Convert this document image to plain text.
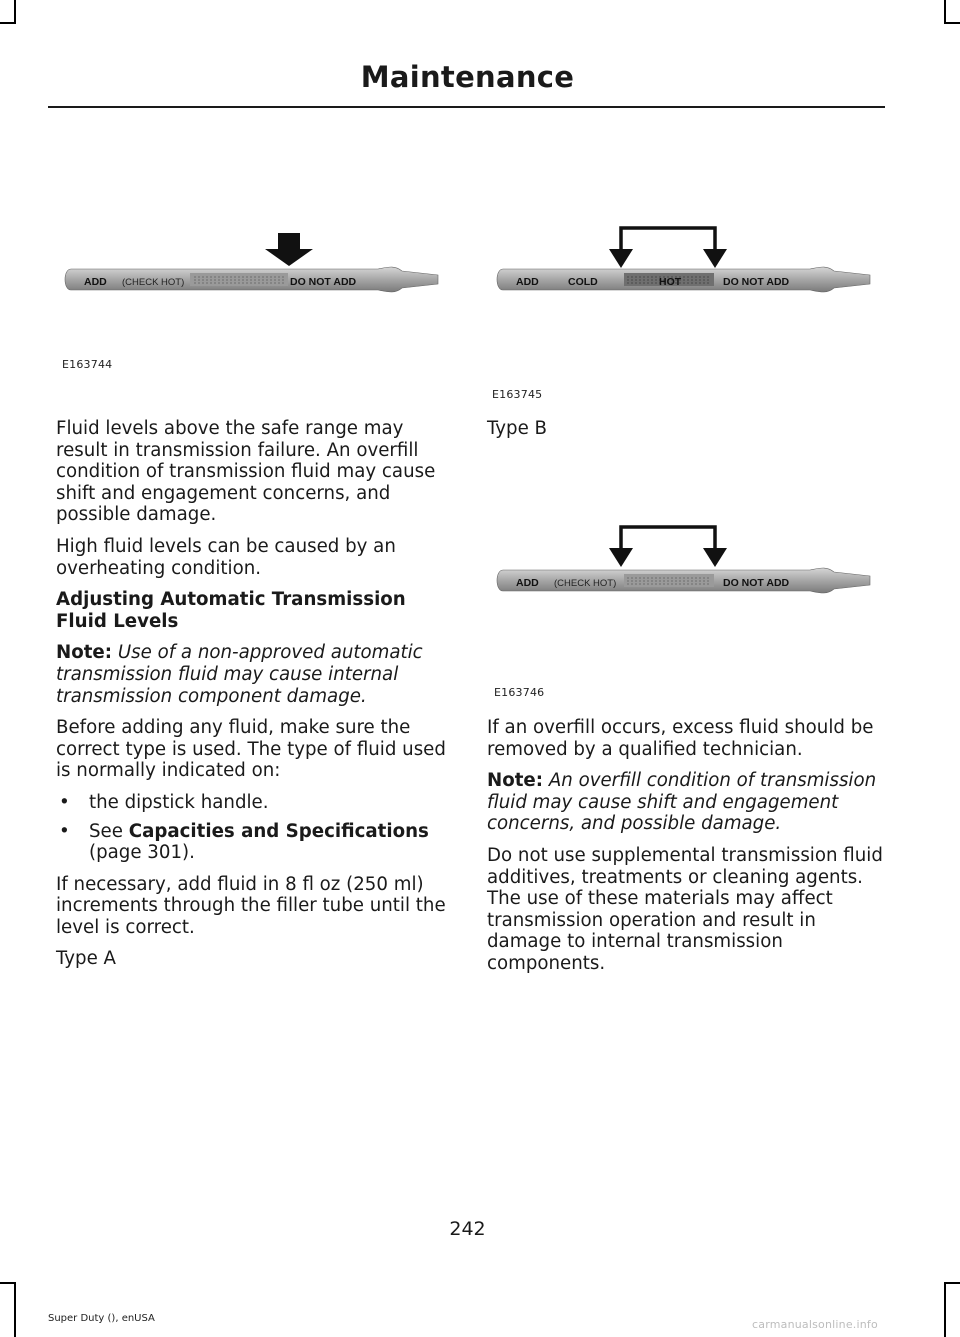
Maintenance
ADD (CHECK HOT)	DO NOT ADD
E163744
ADD	COLD	HOT	DO NOT ADD
E163745
ADD (CHECK HOT)	DO NOT ADD
E163746

Fluid levels above the safe range may result in transmission failure. An overfill condition of transmission fluid may cause shift and engagement concerns, and possible damage.

High fluid levels can be caused by an overheating condition.

Adjusting Automatic Transmission Fluid Levels

Note: Use of a non-approved automatic transmission fluid may cause internal transmission component damage.

Before adding any fluid, make sure the correct type is used. The type of fluid used is normally indicated on:

• the dipstick handle.
• See Capacities and Specifications (page 301).

If necessary, add fluid in 8 fl oz (250 ml) increments through the filler tube until the level is correct.

Type A

Type B

If an overfill occurs, excess fluid should be removed by a qualified technician.

Note: An overfill condition of transmission fluid may cause shift and engagement concerns, and possible damage.

Do not use supplemental transmission fluid additives, treatments or cleaning agents. The use of these materials may affect transmission operation and result in damage to internal transmission components.

242
Super Duty (), enUSA	carmanualsonline.info
